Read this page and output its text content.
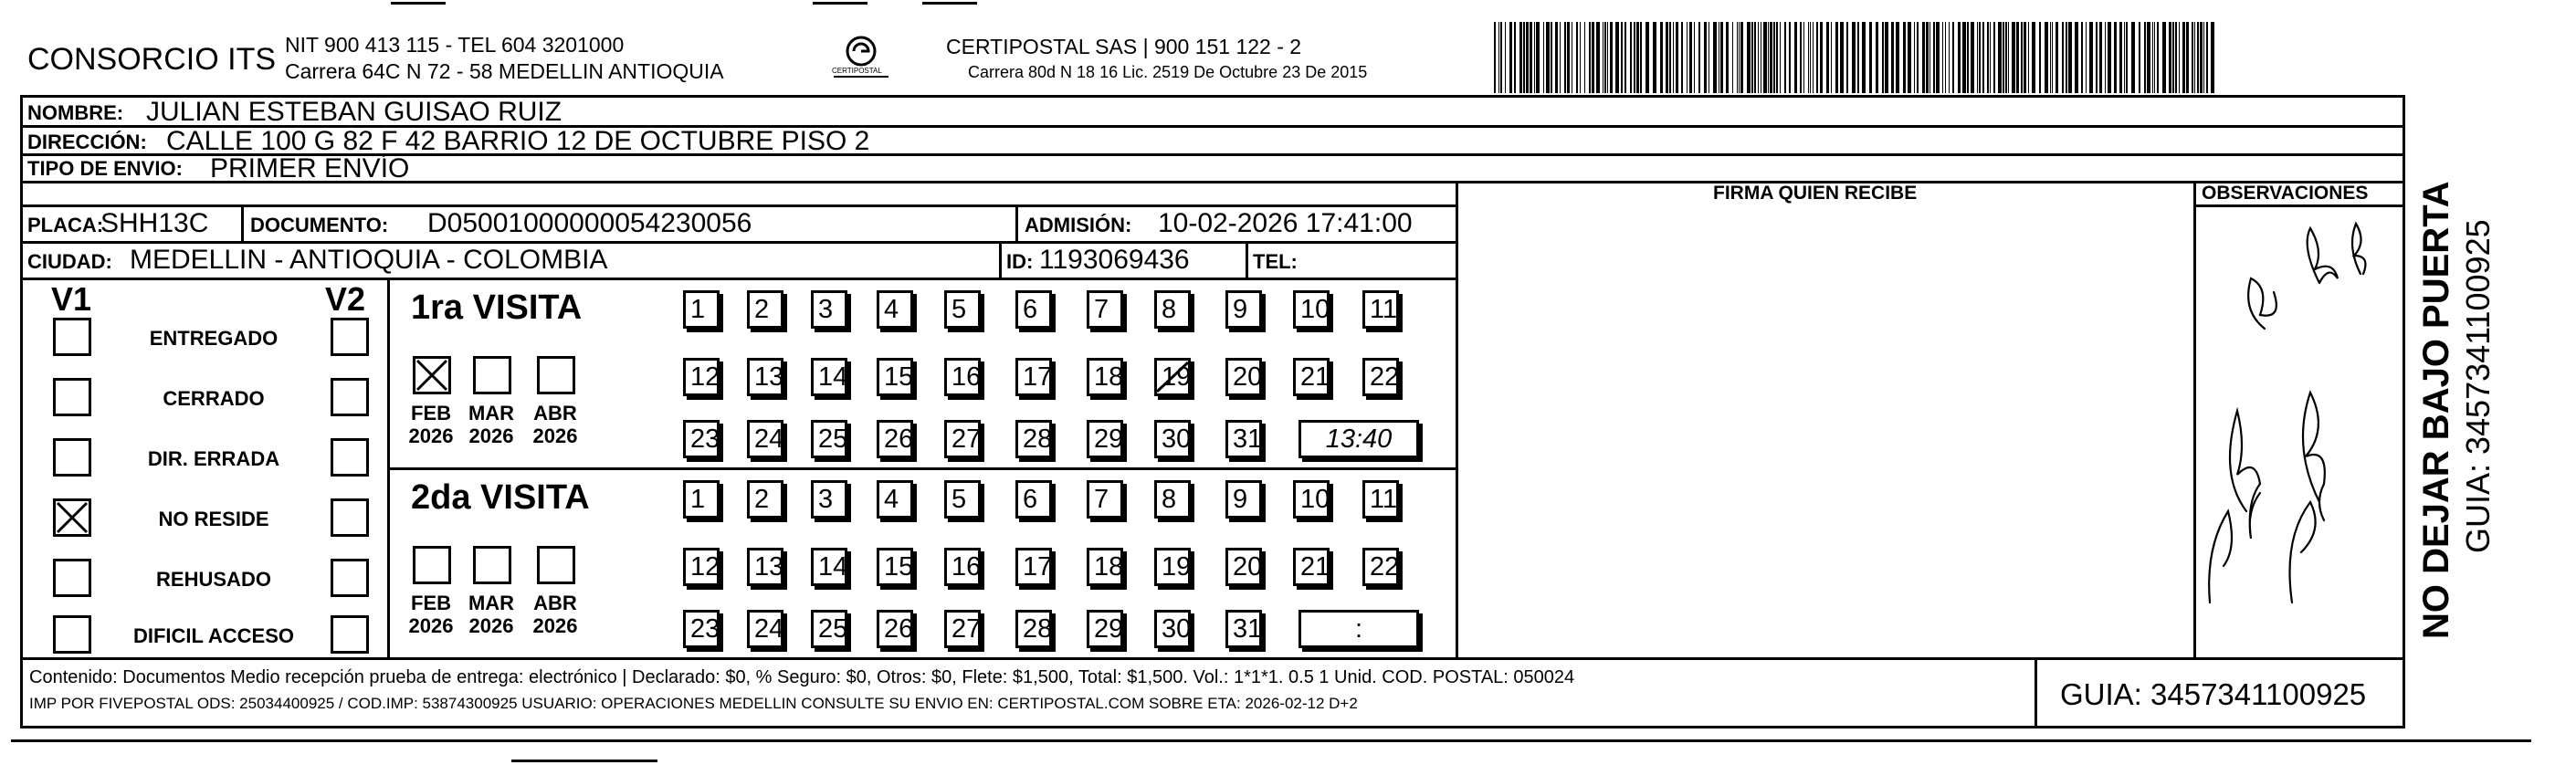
CONSORCIO ITS NIT 900 413 115 - TEL 604 3201000
Carrera 64C N 72 - 58 MEDELLIN ANTIOQUIA	CERTIPOSTAL
CERTIPOSTAL SAS | 900 151 122 - 2
Carrera 80d N 18 16 Lic. 2519 De Octubre 23 De 2015
NOMBRE: JULIAN ESTEBAN GUISAO RUIZ
DIRECCIÓN: CALLE 100 G 82 F 42 BARRIO 12 DE OCTUBRE PISO 2
TIPO DE ENVIO: PRIMER ENVÍO
FIRMA QUIEN RECIBE	OBSERVACIONES
PLACA:
SHH13C DOCUMENTO: D05001000000054230056	ADMISIÓN: 10-02-2026 17:41:00
CIUDAD: MEDELLIN - ANTIOQUIA - COLOMBIA	ID: 1193069436	TEL:
V1	V2
ENTREGADO
CERRADO
DIR. ERRADA
NO RESIDE
REHUSADO
DIFICIL ACCESO
1ra VISITA
2da VISITA
1	2	3	4	5	6	7	8	9	10 11
12 13 14 15 16 17 18 19 20 21 22
23 24 25 26 27 28 29 30 31	13:40
1	2	3	4	5	6	7	8	9	10 11
12 13 14 15 16 17 18 19 20 21 22
23 24 25 26 27 28 29 30 31	:
FEB
2026
MAR
2026
ABR
2026
FEB
2026
MAR
2026
ABR
2026
Contenido: Documentos Medio recepción prueba de entrega: electrónico | Declarado: $0, % Seguro: $0, Otros: $0, Flete: $1,500, Total: $1,500. Vol.: 1*1*1. 0.5 1 Unid. COD. POSTAL: 050024
IMP POR FIVEPOSTAL ODS: 25034400925 / COD.IMP: 53874300925 USUARIO: OPERACIONES MEDELLIN CONSULTE SU ENVIO EN: CERTIPOSTAL.COM SOBRE ETA: 2026-02-12 D+2	GUIA: 3457341100925
NO DEJAR BAJO PUERTA GUIA: 3457341100925
